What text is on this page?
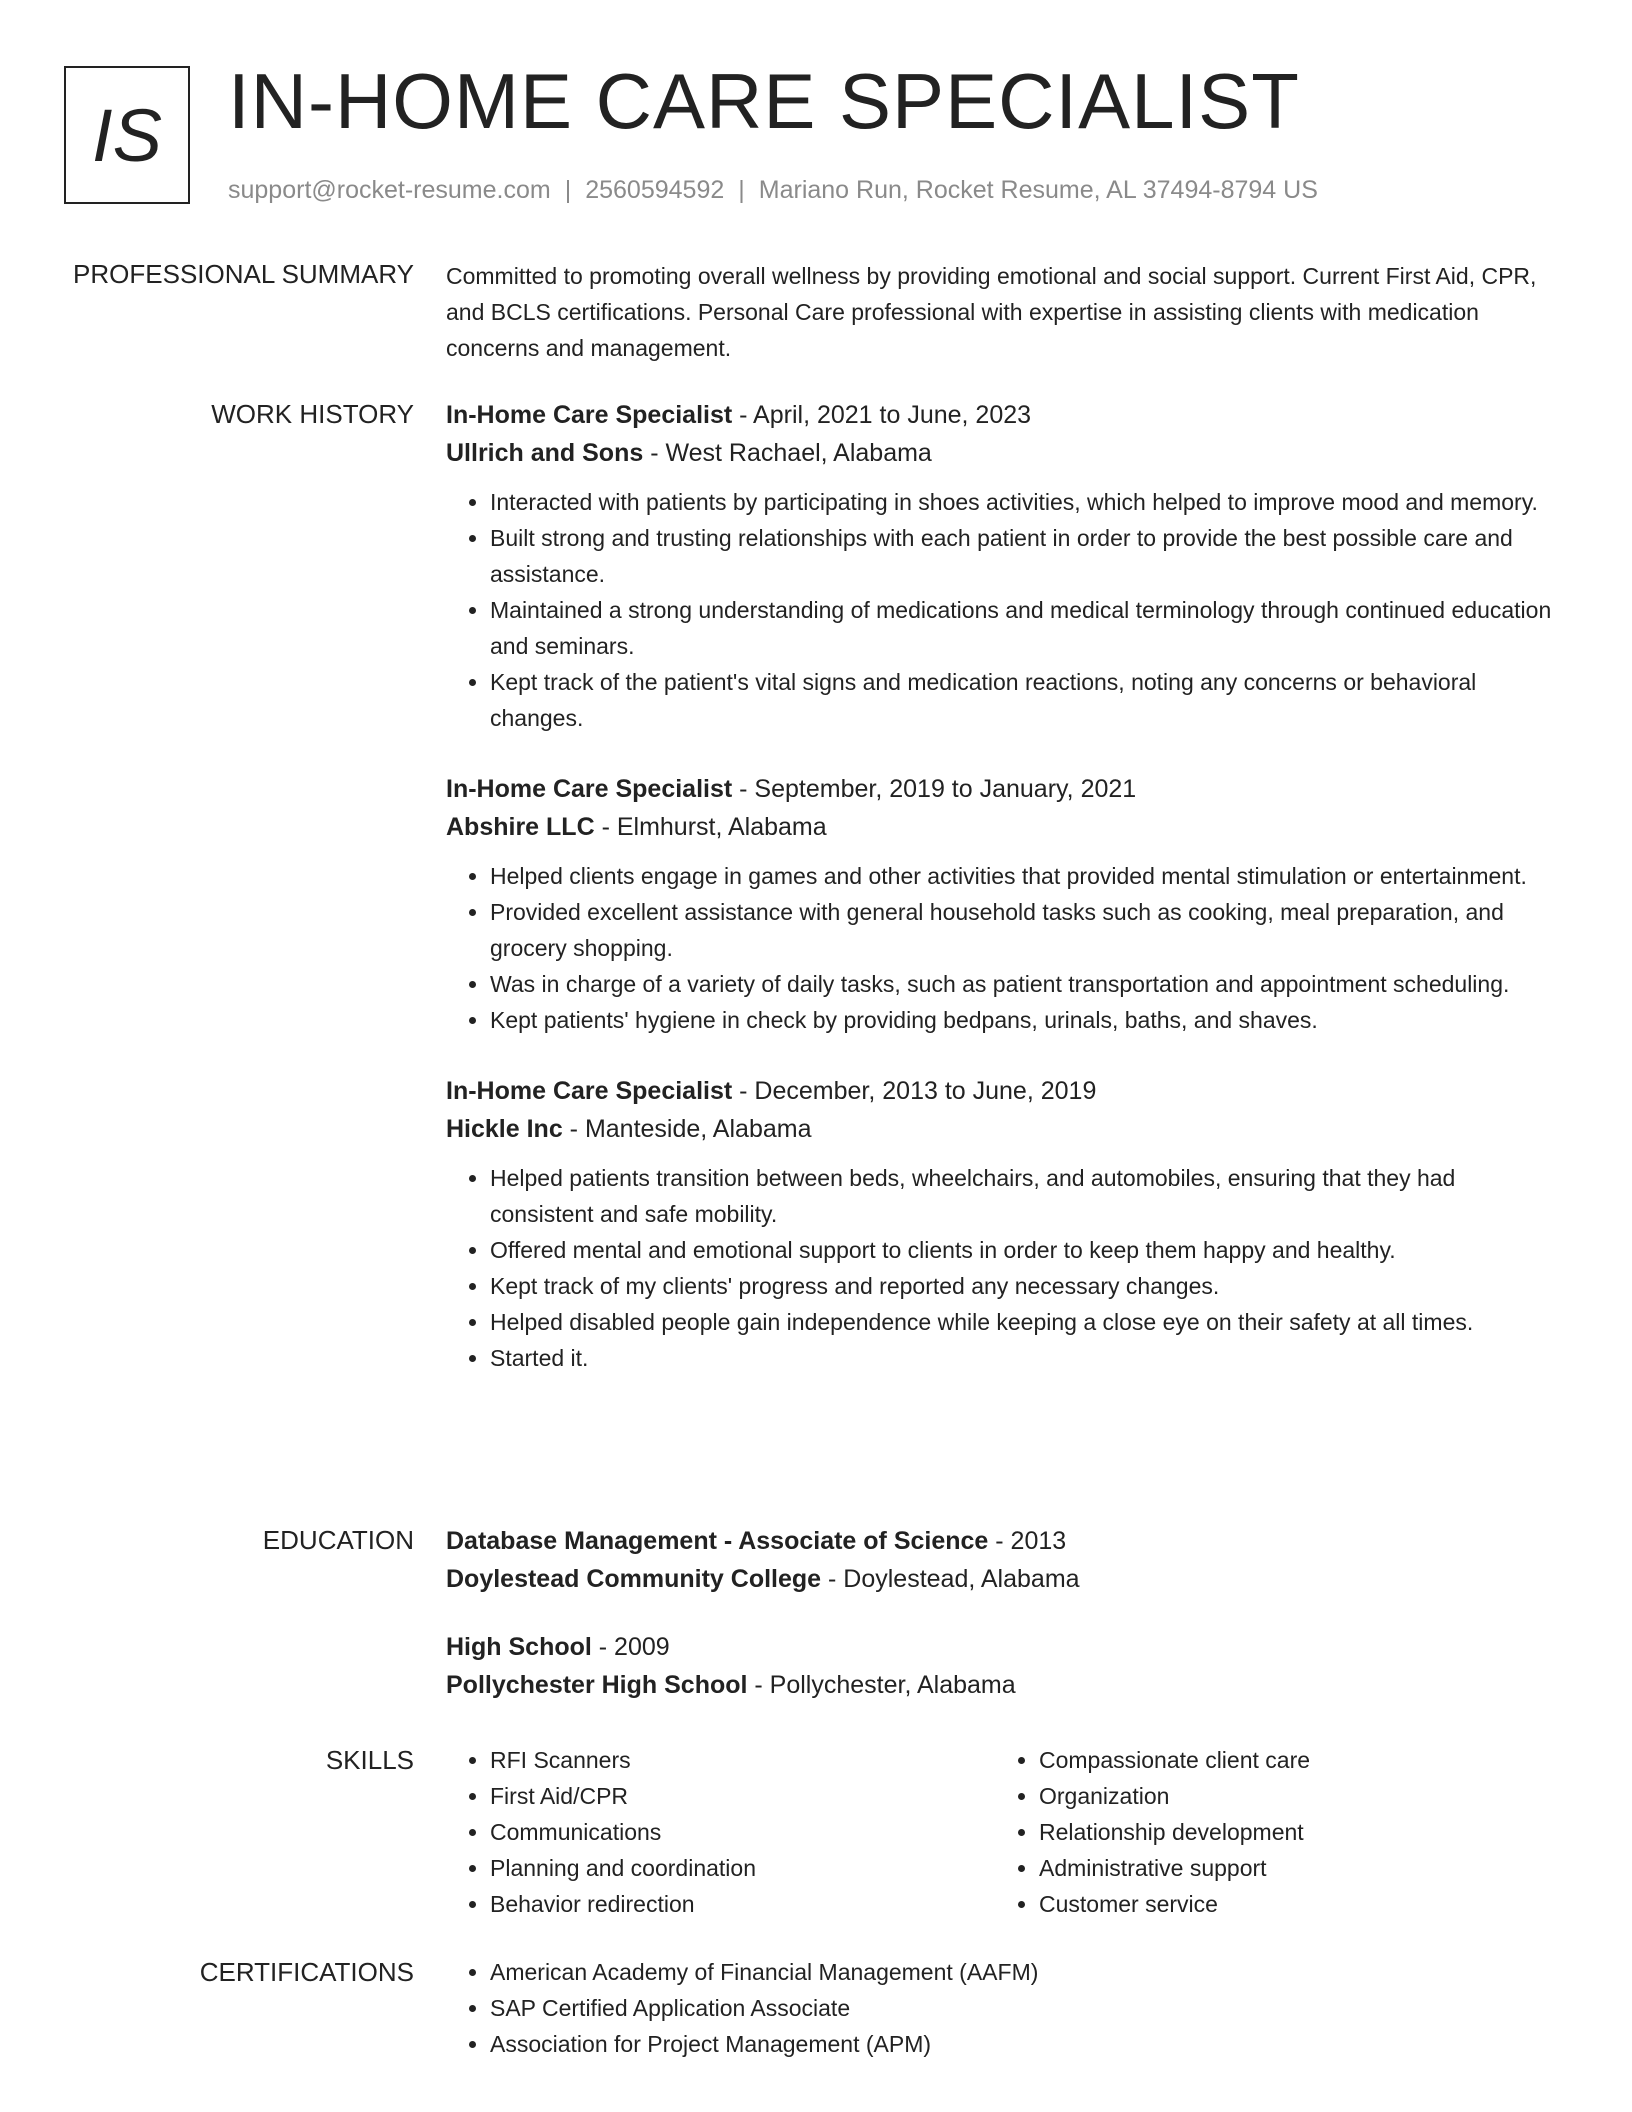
IS IN-HOME CARE SPECIALIST
support@rocket-resume.com | 2560594592 | Mariano Run, Rocket Resume, AL 37494-8794 US
PROFESSIONAL SUMMARY Committed to promoting overall wellness by providing emotional and social support. Current First Aid, CPR, and BCLS certifications. Personal Care professional with expertise in assisting clients with medication concerns and management.

WORK HISTORY In-Home Care Specialist - April, 2021 to June, 2023
Ullrich and Sons - West Rachael, Alabama
• Interacted with patients by participating in shoes activities, which helped to improve mood and memory.
• Built strong and trusting relationships with each patient in order to provide the best possible care and assistance.
• Maintained a strong understanding of medications and medical terminology through continued education and seminars.
• Kept track of the patient's vital signs and medication reactions, noting any concerns or behavioral changes.
In-Home Care Specialist - September, 2019 to January, 2021
Abshire LLC - Elmhurst, Alabama
• Helped clients engage in games and other activities that provided mental stimulation or entertainment.
• Provided excellent assistance with general household tasks such as cooking, meal preparation, and grocery shopping.
• Was in charge of a variety of daily tasks, such as patient transportation and appointment scheduling.
• Kept patients' hygiene in check by providing bedpans, urinals, baths, and shaves.
In-Home Care Specialist - December, 2013 to June, 2019
Hickle Inc - Manteside, Alabama
• Helped patients transition between beds, wheelchairs, and automobiles, ensuring that they had consistent and safe mobility.
• Offered mental and emotional support to clients in order to keep them happy and healthy.
• Kept track of my clients' progress and reported any necessary changes.
• Helped disabled people gain independence while keeping a close eye on their safety at all times.
• Started it.
EDUCATION Database Management - Associate of Science - 2013
Doylestead Community College - Doylestead, Alabama
High School - 2009
Pollychester High School - Pollychester, Alabama
SKILLS	• RFI Scanners
• First Aid/CPR
• Communications
• Planning and coordination
• Behavior redirection
• Compassionate client care
• Organization
• Relationship development
• Administrative support
• Customer service
CERTIFICATIONS	• American Academy of Financial Management (AAFM)
• SAP Certified Application Associate
• Association for Project Management (APM)
